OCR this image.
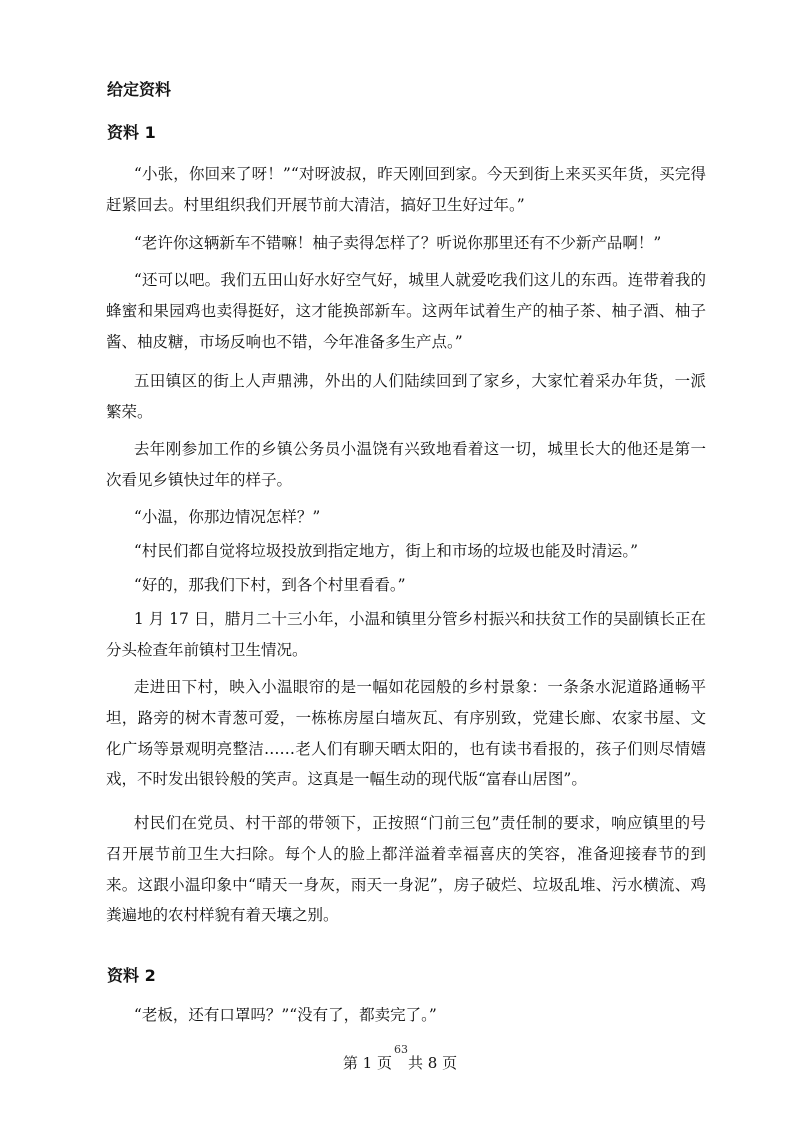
给定资料
资料 1

“小张，你回来了呀！”“对呀波叔，昨天刚回到家。今天到街上来买买年货，买完得赶紧回去。村里组织我们开展节前大清洁，搞好卫生好过年。”

“老许你这辆新车不错嘛！柚子卖得怎样了？听说你那里还有不少新产品啊！”

“还可以吧。我们五田山好水好空气好，城里人就爱吃我们这儿的东西。连带着我的蜂蜜和果园鸡也卖得挺好，这才能换部新车。这两年试着生产的柚子茶、柚子酒、柚子酱、柚皮糖，市场反响也不错，今年准备多生产点。”

五田镇区的街上人声鼎沸，外出的人们陆续回到了家乡，大家忙着采办年货，一派繁荣。

去年刚参加工作的乡镇公务员小温饶有兴致地看着这一切，城里长大的他还是第一次看见乡镇快过年的样子。

“小温，你那边情况怎样？”

“村民们都自觉将垃圾投放到指定地方，街上和市场的垃圾也能及时清运。”

“好的，那我们下村，到各个村里看看。”

1 月 17 日，腊月二十三小年，小温和镇里分管乡村振兴和扶贫工作的吴副镇长正在分头检查年前镇村卫生情况。

走进田下村，映入小温眼帘的是一幅如花园般的乡村景象：一条条水泥道路通畅平坦，路旁的树木青葱可爱，一栋栋房屋白墙灰瓦、有序别致，党建长廊、农家书屋、文化广场等景观明亮整洁……老人们有聊天晒太阳的，也有读书看报的，孩子们则尽情嬉戏，不时发出银铃般的笑声。这真是一幅生动的现代版“富春山居图”。

村民们在党员、村干部的带领下，正按照“门前三包”责任制的要求，响应镇里的号召开展节前卫生大扫除。每个人的脸上都洋溢着幸福喜庆的笑容，准备迎接春节的到来。这跟小温印象中“晴天一身灰，雨天一身泥”，房子破烂、垃圾乱堆、污水横流、鸡粪遍地的农村样貌有着天壤之别。

资料 2

“老板，还有口罩吗？”“没有了，都卖完了。”

63
第 1 页 共 8 页
